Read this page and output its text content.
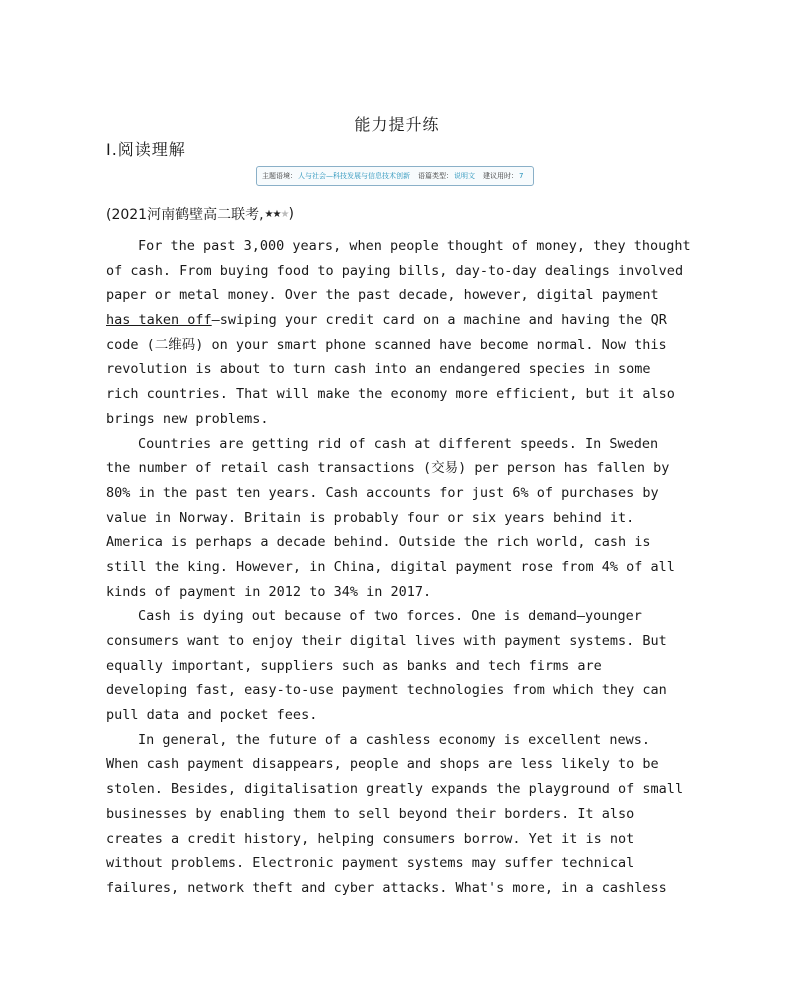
能力提升练
Ⅰ.阅读理解
主题语境： 人与社会—科技发展与信息技术创新 语篇类型： 说明文 建议用时： 7
(2021河南鹤壁高二联考, ★★★ )
For the past 3,000 years, when people thought of money, they thought
of cash. From buying food to paying bills, day-to-day dealings involved
paper or metal money. Over the past decade, however, digital payment
has taken off—swiping your credit card on a machine and having the QR
code (二维码) on your smart phone scanned have become normal. Now this
revolution is about to turn cash into an endangered species in some
rich countries. That will make the economy more efficient, but it also
brings new problems.
Countries are getting rid of cash at different speeds. In Sweden
the number of retail cash transactions (交易) per person has fallen by
80% in the past ten years. Cash accounts for just 6% of purchases by
value in Norway. Britain is probably four or six years behind it.
America is perhaps a decade behind. Outside the rich world, cash is
still the king. However, in China, digital payment rose from 4% of all
kinds of payment in 2012 to 34% in 2017.
Cash is dying out because of two forces. One is demand—younger
consumers want to enjoy their digital lives with payment systems. But
equally important, suppliers such as banks and tech firms are
developing fast, easy-to-use payment technologies from which they can
pull data and pocket fees.
In general, the future of a cashless economy is excellent news.
When cash payment disappears, people and shops are less likely to be
stolen. Besides, digitalisation greatly expands the playground of small
businesses by enabling them to sell beyond their borders. It also
creates a credit history, helping consumers borrow. Yet it is not
without problems. Electronic payment systems may suffer technical
failures, network theft and cyber attacks. What's more, in a cashless
